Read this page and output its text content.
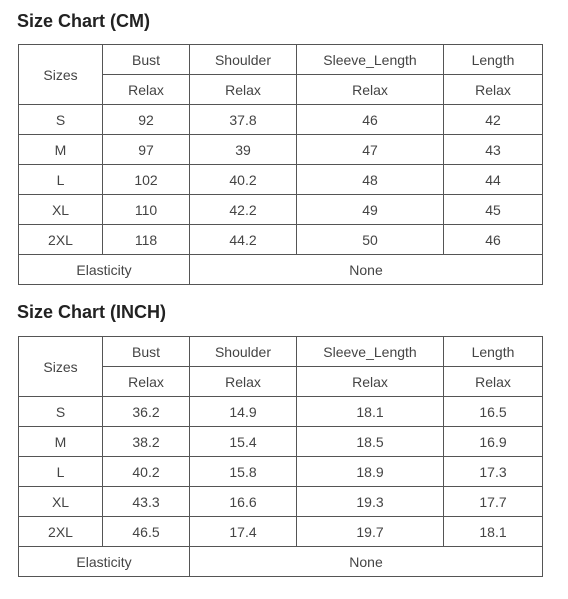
Size Chart (CM)
Sizes	Bust	Shoulder	Sleeve_Length	Length
	Relax	Relax	Relax	Relax
S	92	37.8	46	42
M	97	39	47	43
L	102	40.2	48	44
XL	110	42.2	49	45
2XL	118	44.2	50	46
Elasticity		None		
Size Chart (INCH)
Sizes	Bust	Shoulder	Sleeve_Length	Length
	Relax	Relax	Relax	Relax
S	36.2	14.9	18.1	16.5
M	38.2	15.4	18.5	16.9
L	40.2	15.8	18.9	17.3
XL	43.3	16.6	19.3	17.7
2XL	46.5	17.4	19.7	18.1
Elasticity		None		
